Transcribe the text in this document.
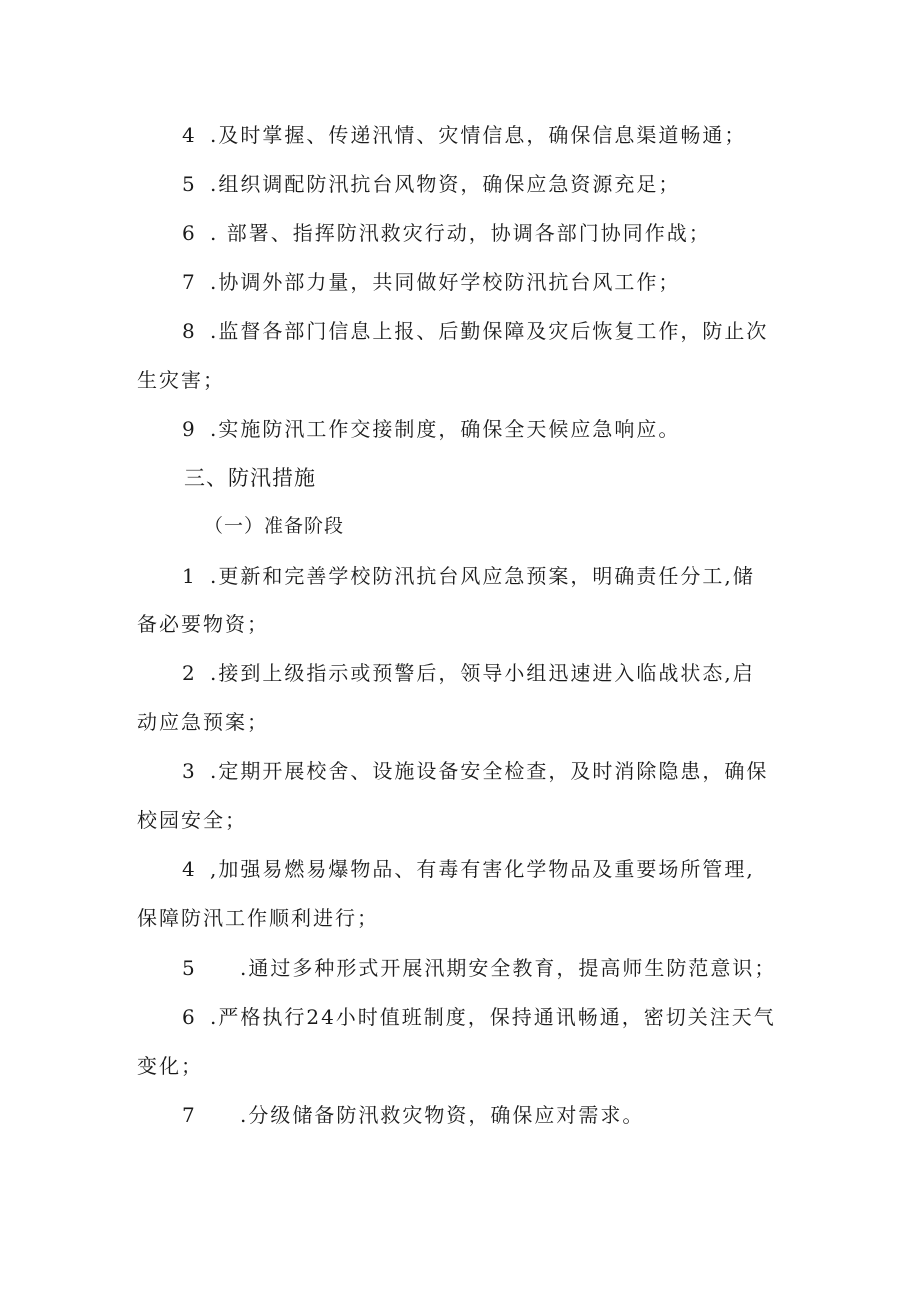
4 .及时掌握、传递汛情、灾情信息，确保信息渠道畅通；
5 .组织调配防汛抗台风物资，确保应急资源充足；
6 . 部署、指挥防汛救灾行动，协调各部门协同作战；
7 .协调外部力量，共同做好学校防汛抗台风工作；
8 .监督各部门信息上报、后勤保障及灾后恢复工作，防止次
生灾害；
9 .实施防汛工作交接制度，确保全天候应急响应。
三、防汛措施
（一）准备阶段
1 .更新和完善学校防汛抗台风应急预案，明确责任分工,储
备必要物资；
2 .接到上级指示或预警后，领导小组迅速进入临战状态,启
动应急预案；
3 .定期开展校舍、设施设备安全检查，及时消除隐患，确保
校园安全；
4 ,加强易燃易爆物品、有毒有害化学物品及重要场所管理,
保障防汛工作顺利进行；
5 .通过多种形式开展汛期安全教育，提高师生防范意识；
6 .严格执行24小时值班制度，保持通讯畅通，密切关注天气
变化；
7 .分级储备防汛救灾物资，确保应对需求。
